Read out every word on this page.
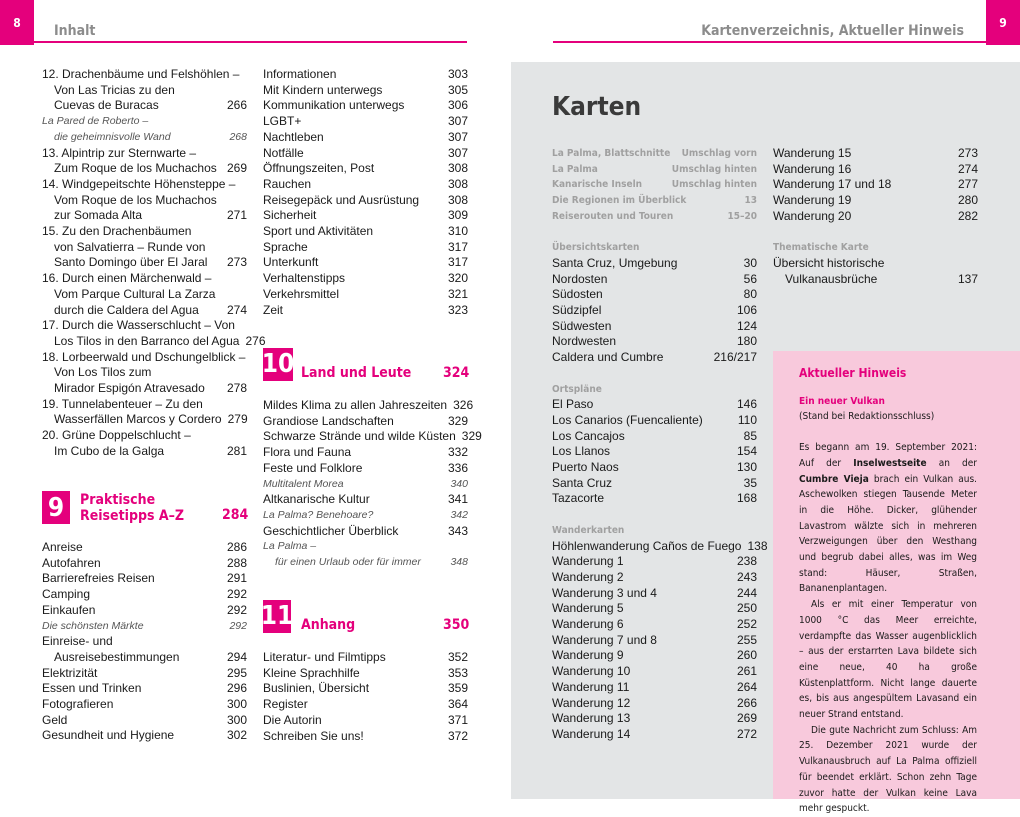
8
Inhalt
9
Kartenverzeichnis, Aktueller Hinweis
12. Drachenbäume und Felshöhlen –
Von Las Tricias zu den
Cuevas de Buracas	266
La Pared de Roberto –
die geheimnisvolle Wand	268
13. Alpintrip zur Sternwarte –
Zum Roque de los Muchachos 269
14. Windgepeitschte Höhensteppe –
Vom Roque de los Muchachos
zur Somada Alta	271
15. Zu den Drachenbäumen
von Salvatierra – Runde von
Santo Domingo über El Jaral	273
16. Durch einen Märchenwald –
Vom Parque Cultural La Zarza
durch die Caldera del Agua	274
17. Durch die Wasserschlucht – Von
Los Tilos in den Barranco del Agua 276
18. Lorbeerwald und Dschungelblick –
Von Los Tilos zum
Mirador Espigón Atravesado	278
19. Tunnelabenteuer – Zu den
Wasserfällen Marcos y Cordero 279
20. Grüne Doppelschlucht –
Im Cubo de la Galga	281
9	Praktische
Reisetipps A–Z	284
Anreise	286
Autofahren	288
Barrierefreies Reisen	291
Camping	292
Einkaufen	292
Die schönsten Märkte	292
Einreise- und
Ausreisebestimmungen	294
Elektrizität	295
Essen und Trinken	296
Fotografieren	300
Geld	300
Gesundheit und Hygiene	302
Informationen	303
Mit Kindern unterwegs	305
Kommunikation unterwegs	306
LGBT+	307
Nachtleben	307
Notfälle	307
Öffnungszeiten, Post	308
Rauchen	308
Reisegepäck und Ausrüstung	308
Sicherheit	309
Sport und Aktivitäten	310
Sprache	317
Unterkunft	317
Verhaltenstipps	320
Verkehrsmittel	321
Zeit	323
10 Land und Leute 324
Mildes Klima zu allen Jahreszeiten 326
Grandiose Landschaften	329
Schwarze Strände und wilde Küsten 329
Flora und Fauna	332
Feste und Folklore	336
Multitalent Morea	340
Altkanarische Kultur	341
La Palma? Benehoare?	342
Geschichtlicher Überblick	343
La Palma –
für einen Urlaub oder für immer	348
11 Anhang	350
Literatur- und Filmtipps	352
Kleine Sprachhilfe	353
Buslinien, Übersicht	359
Register	364
Die Autorin	371
Schreiben Sie uns!	372
Karten
La Palma, Blattschnitte	Umschlag vorn
La Palma	Umschlag hinten
Kanarische Inseln	Umschlag hinten
Die Regionen im Überblick	13
Reiserouten und Touren	15–20
Übersichtskarten
Santa Cruz, Umgebung	30
Nordosten	56
Südosten	80
Südzipfel	106
Südwesten	124
Nordwesten	180
Caldera und Cumbre	216/217
Ortspläne
El Paso	146
Los Canarios (Fuencaliente)	110
Los Cancajos	85
Los Llanos	154
Puerto Naos	130
Santa Cruz	35
Tazacorte	168
Wanderkarten
Höhlenwanderung Caños de Fuego 138
Wanderung 1	238
Wanderung 2	243
Wanderung 3 und 4	244
Wanderung 5	250
Wanderung 6	252
Wanderung 7 und 8	255
Wanderung 9	260
Wanderung 10	261
Wanderung 11	264
Wanderung 12	266
Wanderung 13	269
Wanderung 14	272
Wanderung 15	273
Wanderung 16	274
Wanderung 17 und 18	277
Wanderung 19	280
Wanderung 20	282
Thematische Karte
Übersicht historische
Vulkanausbrüche	137
Aktueller Hinweis
Ein neuer Vulkan
(Stand bei Redaktionsschluss)
Es begann am 19. September 2021: Auf der Inselwestseite an der Cumbre Vieja brach ein Vulkan aus. Aschewolken stiegen Tausende Meter in die Höhe. Dicker, glühender Lavastrom wälzte sich in mehreren Verzweigungen über den Westhang und begrub dabei alles, was im Weg stand: Häuser, Straßen, Bananenplantagen.
Als er mit einer Temperatur von 1000 °C das Meer erreichte, verdampfte das Wasser augenblicklich – aus der erstarrten Lava bildete sich eine neue, 40 ha große Küstenplattform. Nicht lange dauerte es, bis aus angespültem Lavasand ein neuer Strand entstand.
Die gute Nachricht zum Schluss: Am 25. Dezember 2021 wurde der Vulkanausbruch auf La Palma offiziell für beendet erklärt. Schon zehn Tage zuvor hatte der Vulkan keine Lava mehr gespuckt.
